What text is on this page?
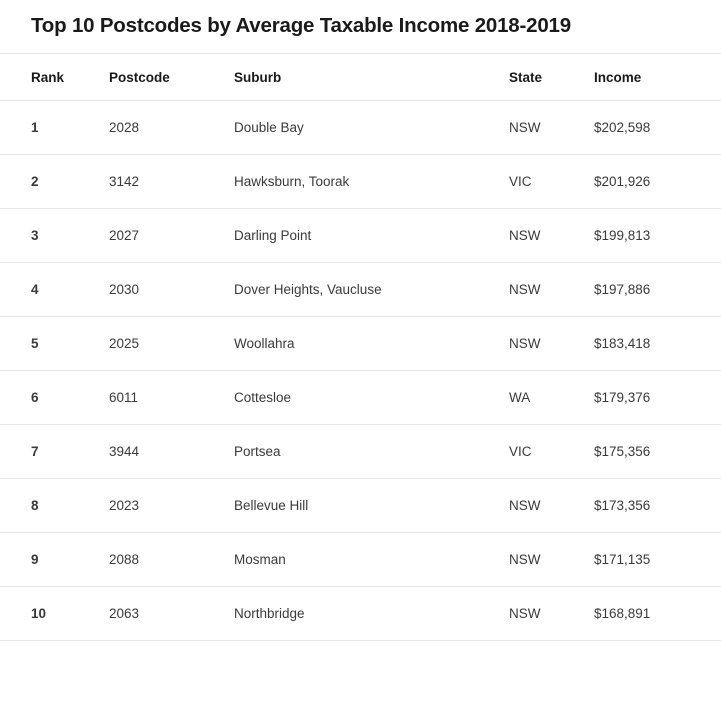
Top 10 Postcodes by Average Taxable Income 2018-2019
Rank	Postcode	Suburb	State	Income
1	2028	Double Bay	NSW	$202,598
2	3142	Hawksburn, Toorak	VIC	$201,926
3	2027	Darling Point	NSW	$199,813
4	2030	Dover Heights, Vaucluse	NSW	$197,886
5	2025	Woollahra	NSW	$183,418
6	6011	Cottesloe	WA	$179,376
7	3944	Portsea	VIC	$175,356
8	2023	Bellevue Hill	NSW	$173,356
9	2088	Mosman	NSW	$171,135
10	2063	Northbridge	NSW	$168,891
